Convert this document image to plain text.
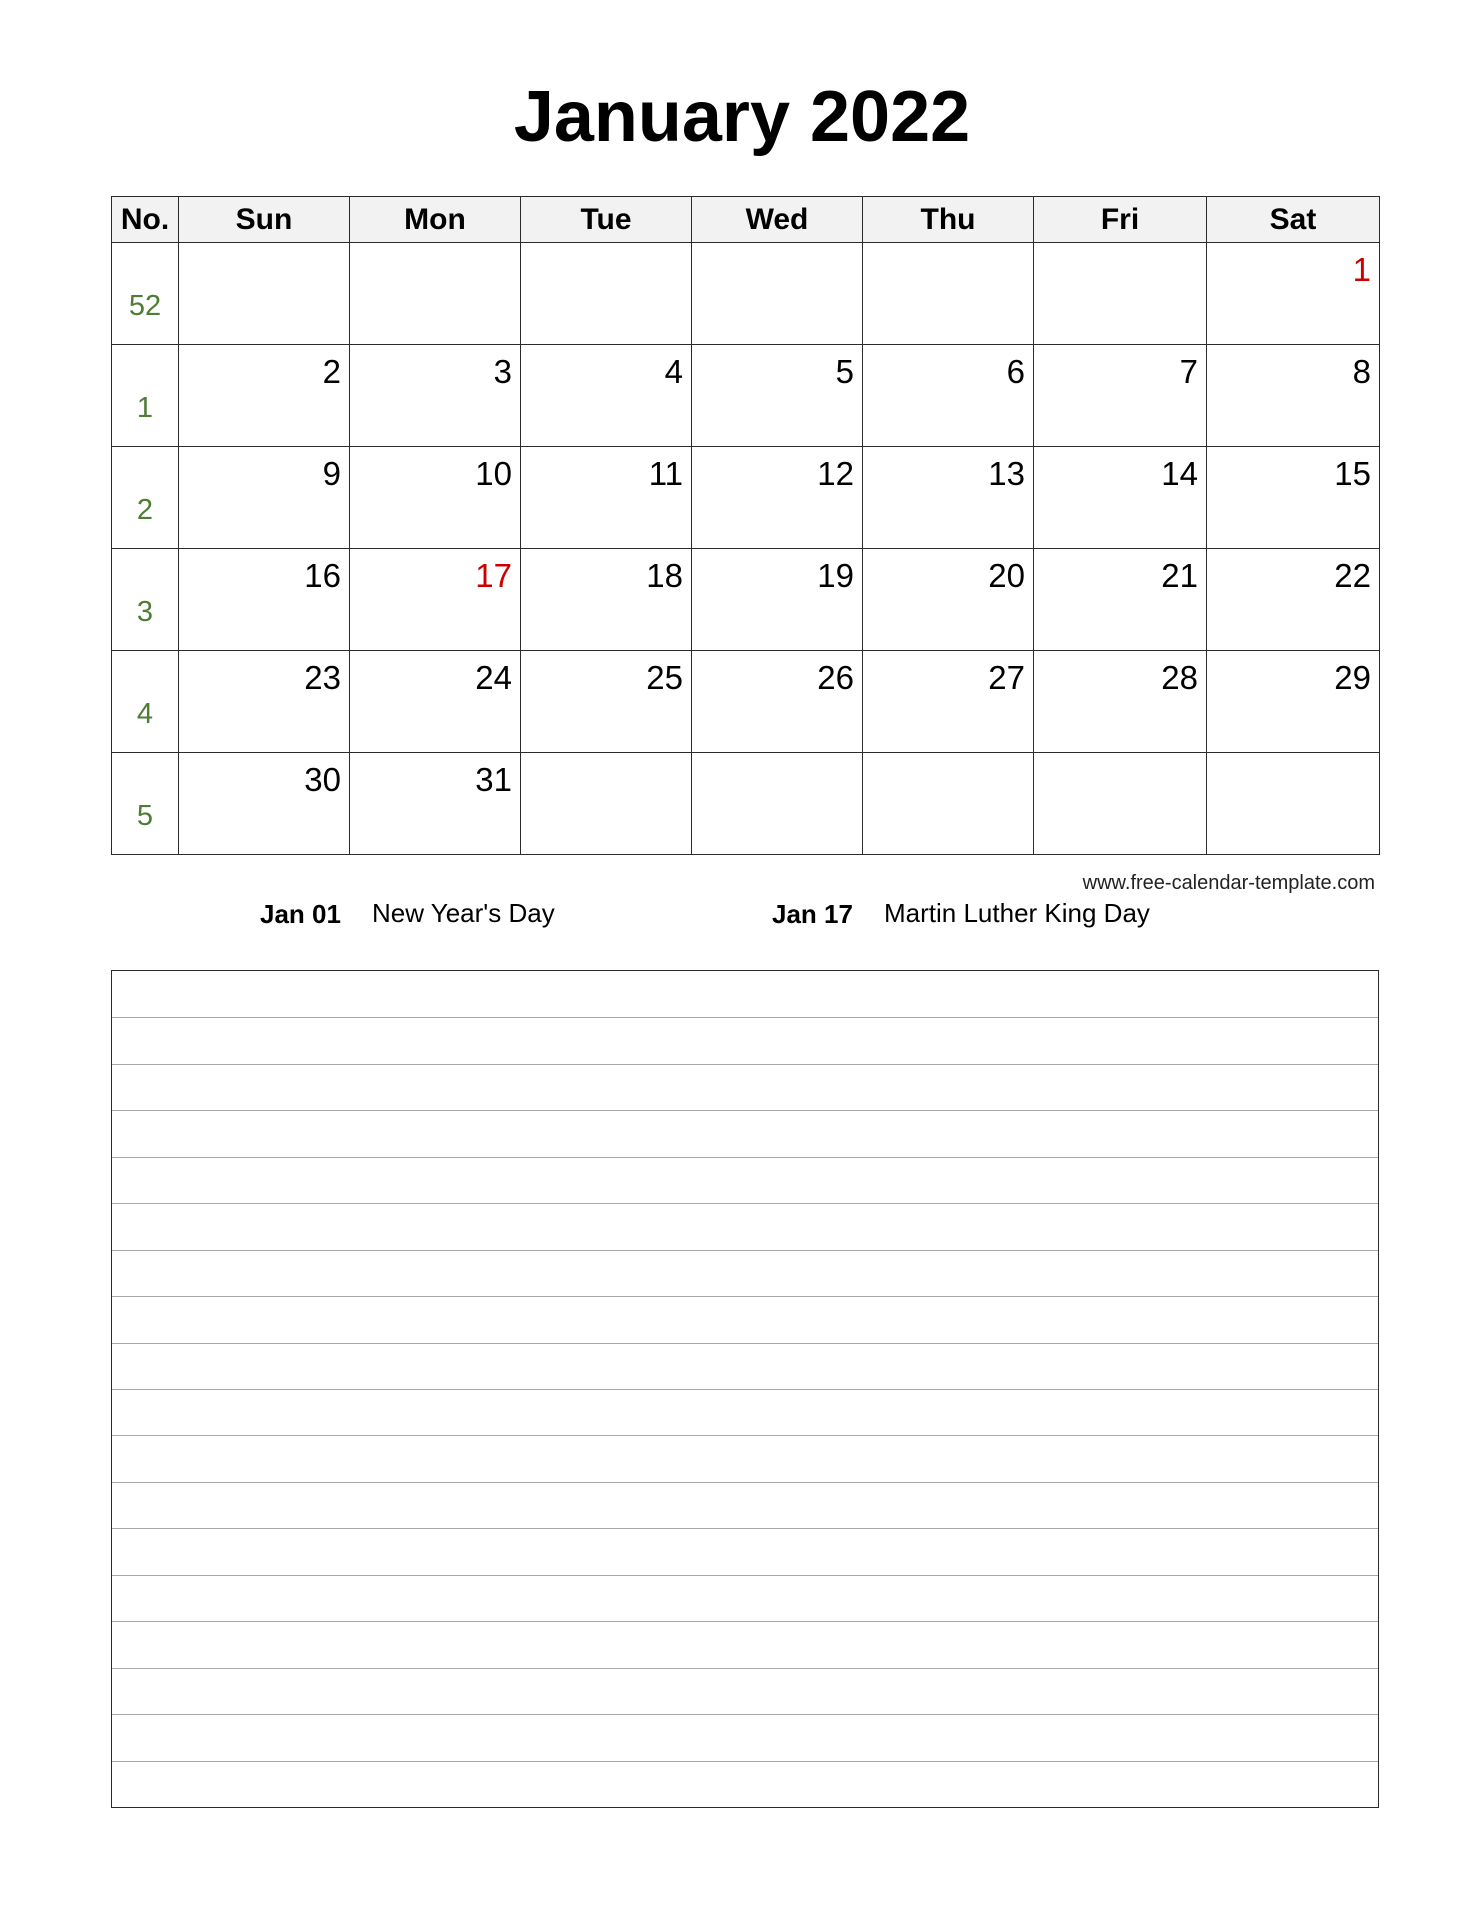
January 2022
No.	Sun	Mon	Tue	Wed	Thu	Fri	Sat
52							1

1	2	3	4	5	6	7	8

2	9	10	11	12	13	14	15

3	16	17	18	19	20	21	22

4	23	24	25	26	27	28	29

5	30	31					

www.free-calendar-template.com
Jan 01 New Year's Day	Jan 17 Martin Luther King Day
